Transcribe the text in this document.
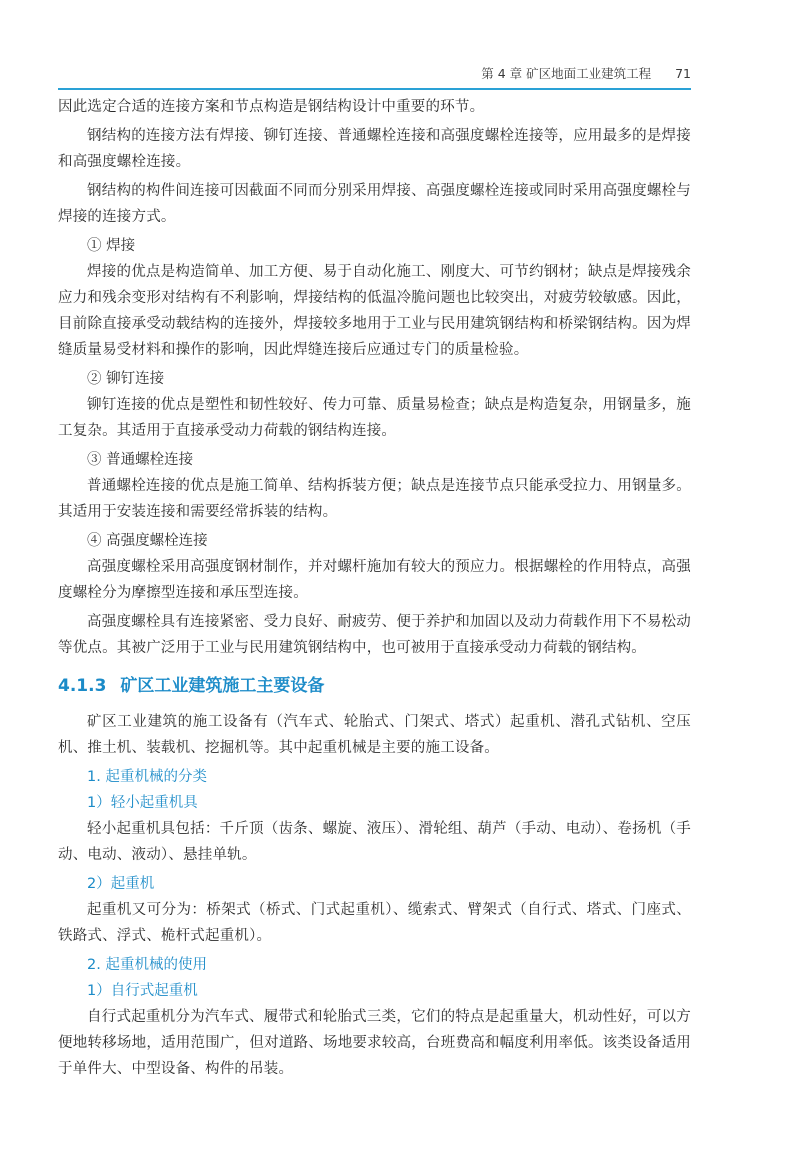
第 4 章 矿区地面工业建筑工程 71
因此选定合适的连接方案和节点构造是钢结构设计中重要的环节。
钢结构的连接方法有焊接、铆钉连接、普通螺栓连接和高强度螺栓连接等，应用最多的是焊接和高强度螺栓连接。
钢结构的构件间连接可因截面不同而分别采用焊接、高强度螺栓连接或同时采用高强度螺栓与焊接的连接方式。
① 焊接
焊接的优点是构造简单、加工方便、易于自动化施工、刚度大、可节约钢材；缺点是焊接残余应力和残余变形对结构有不利影响，焊接结构的低温冷脆问题也比较突出，对疲劳较敏感。因此，目前除直接承受动载结构的连接外，焊接较多地用于工业与民用建筑钢结构和桥梁钢结构。因为焊缝质量易受材料和操作的影响，因此焊缝连接后应通过专门的质量检验。
② 铆钉连接
铆钉连接的优点是塑性和韧性较好、传力可靠、质量易检查；缺点是构造复杂，用钢量多，施工复杂。其适用于直接承受动力荷载的钢结构连接。
③ 普通螺栓连接
普通螺栓连接的优点是施工简单、结构拆装方便；缺点是连接节点只能承受拉力、用钢量多。其适用于安装连接和需要经常拆装的结构。
④ 高强度螺栓连接
高强度螺栓采用高强度钢材制作，并对螺杆施加有较大的预应力。根据螺栓的作用特点，高强度螺栓分为摩擦型连接和承压型连接。
高强度螺栓具有连接紧密、受力良好、耐疲劳、便于养护和加固以及动力荷载作用下不易松动等优点。其被广泛用于工业与民用建筑钢结构中，也可被用于直接承受动力荷载的钢结构。
4.1.3 矿区工业建筑施工主要设备
矿区工业建筑的施工设备有（汽车式、轮胎式、门架式、塔式）起重机、潜孔式钻机、空压机、推土机、装载机、挖掘机等。其中起重机械是主要的施工设备。
1. 起重机械的分类
1）轻小起重机具
轻小起重机具包括：千斤顶（齿条、螺旋、液压）、滑轮组、葫芦（手动、电动）、卷扬机（手动、电动、液动）、悬挂单轨。
2）起重机
起重机又可分为：桥架式（桥式、门式起重机）、缆索式、臂架式（自行式、塔式、门座式、铁路式、浮式、桅杆式起重机）。
2. 起重机械的使用
1）自行式起重机
自行式起重机分为汽车式、履带式和轮胎式三类，它们的特点是起重量大，机动性好，可以方便地转移场地，适用范围广，但对道路、场地要求较高，台班费高和幅度利用率低。该类设备适用于单件大、中型设备、构件的吊装。
